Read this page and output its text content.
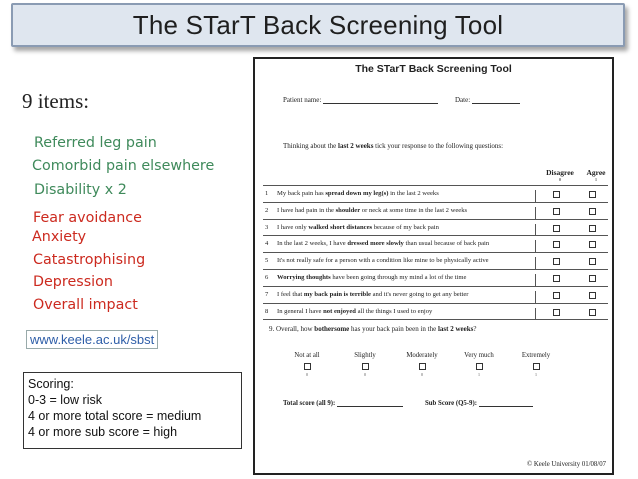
The STarT Back Screening Tool
9 items:
Referred leg pain
Comorbid pain elsewhere
Disability x 2
Fear avoidance
Anxiety
Catastrophising
Depression
Overall impact
www.keele.ac.uk/sbst
Scoring:
0-3 = low risk
4 or more total score = medium
4 or more sub score = high
The STarT Back Screening Tool
Patient name:	Date:
Thinking about the last 2 weeks tick your response to the following questions:
Disagree
0
Agree
1
1 My back pain has spread down my leg(s) in the last 2 weeks
2 I have had pain in the shoulder or neck at some time in the last 2 weeks
3 I have only walked short distances because of my back pain
4 In the last 2 weeks, I have dressed more slowly than usual because of back pain
5 It's not really safe for a person with a condition like mine to be physically active
6 Worrying thoughts have been going through my mind a lot of the time
7 I feel that my back pain is terrible and it's never going to get any better
8 In general I have not enjoyed all the things I used to enjoy
9. Overall, how bothersome has your back pain been in the last 2 weeks?
Not at all
0
Slightly
0
Moderately
0
Very much
1
Extremely
1
Total score (all 9):	Sub Score (Q5-9):
© Keele University 01/08/07
